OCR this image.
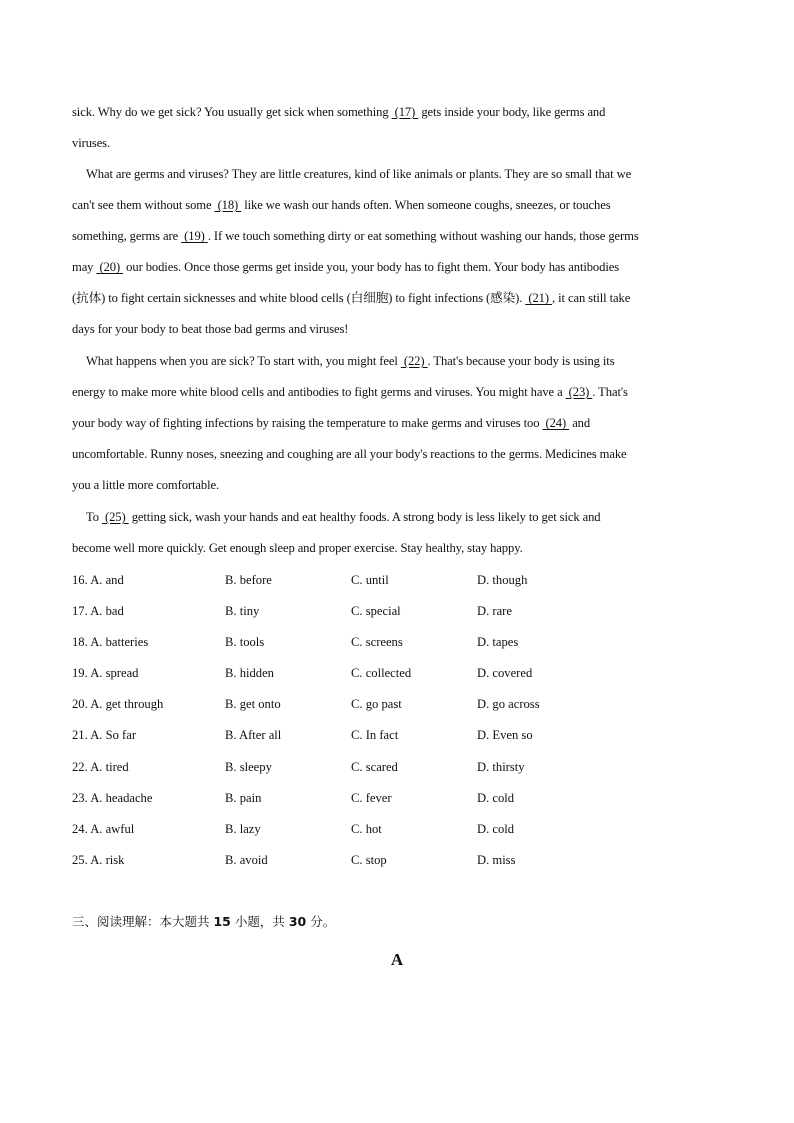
sick. Why do we get sick? You usually get sick when something  (17)  gets inside your body, like germs and
viruses.
What are germs and viruses? They are little creatures, kind of like animals or plants. They are so small that we
can't see them without some  (18)  like we wash our hands often. When someone coughs, sneezes, or touches
something, germs are  (19) . If we touch something dirty or eat something without washing our hands, those germs
may  (20)  our bodies. Once those germs get inside you, your body has to fight them. Your body has antibodies
(抗体) to fight certain sicknesses and white blood cells (白细胞) to fight infections (感染).  (21) , it can still take
days for your body to beat those bad germs and viruses!
What happens when you are sick? To start with, you might feel  (22) . That's because your body is using its
energy to make more white blood cells and antibodies to fight germs and viruses. You might have a  (23) . That's
your body way of fighting infections by raising the temperature to make germs and viruses too  (24)  and
uncomfortable. Runny noses, sneezing and coughing are all your body's reactions to the germs. Medicines make
you a little more comfortable.
To  (25)  getting sick, wash your hands and eat healthy foods. A strong body is less likely to get sick and
become well more quickly. Get enough sleep and proper exercise. Stay healthy, stay happy.
16. A. and	B. before	C. until	D. though
17. A. bad	B. tiny	C. special	D. rare
18. A. batteries	B. tools	C. screens	D. tapes
19. A. spread	B. hidden	C. collected	D. covered
20. A. get through	B. get onto	C. go past	D. go across
21. A. So far	B. After all	C. In fact	D. Even so
22. A. tired	B. sleepy	C. scared	D. thirsty
23. A. headache	B. pain	C. fever	D. cold
24. A. awful	B. lazy	C. hot	D. cold
25. A. risk	B. avoid	C. stop	D. miss
三、阅读理解：本大题共 15 小题，共 30 分。
A
